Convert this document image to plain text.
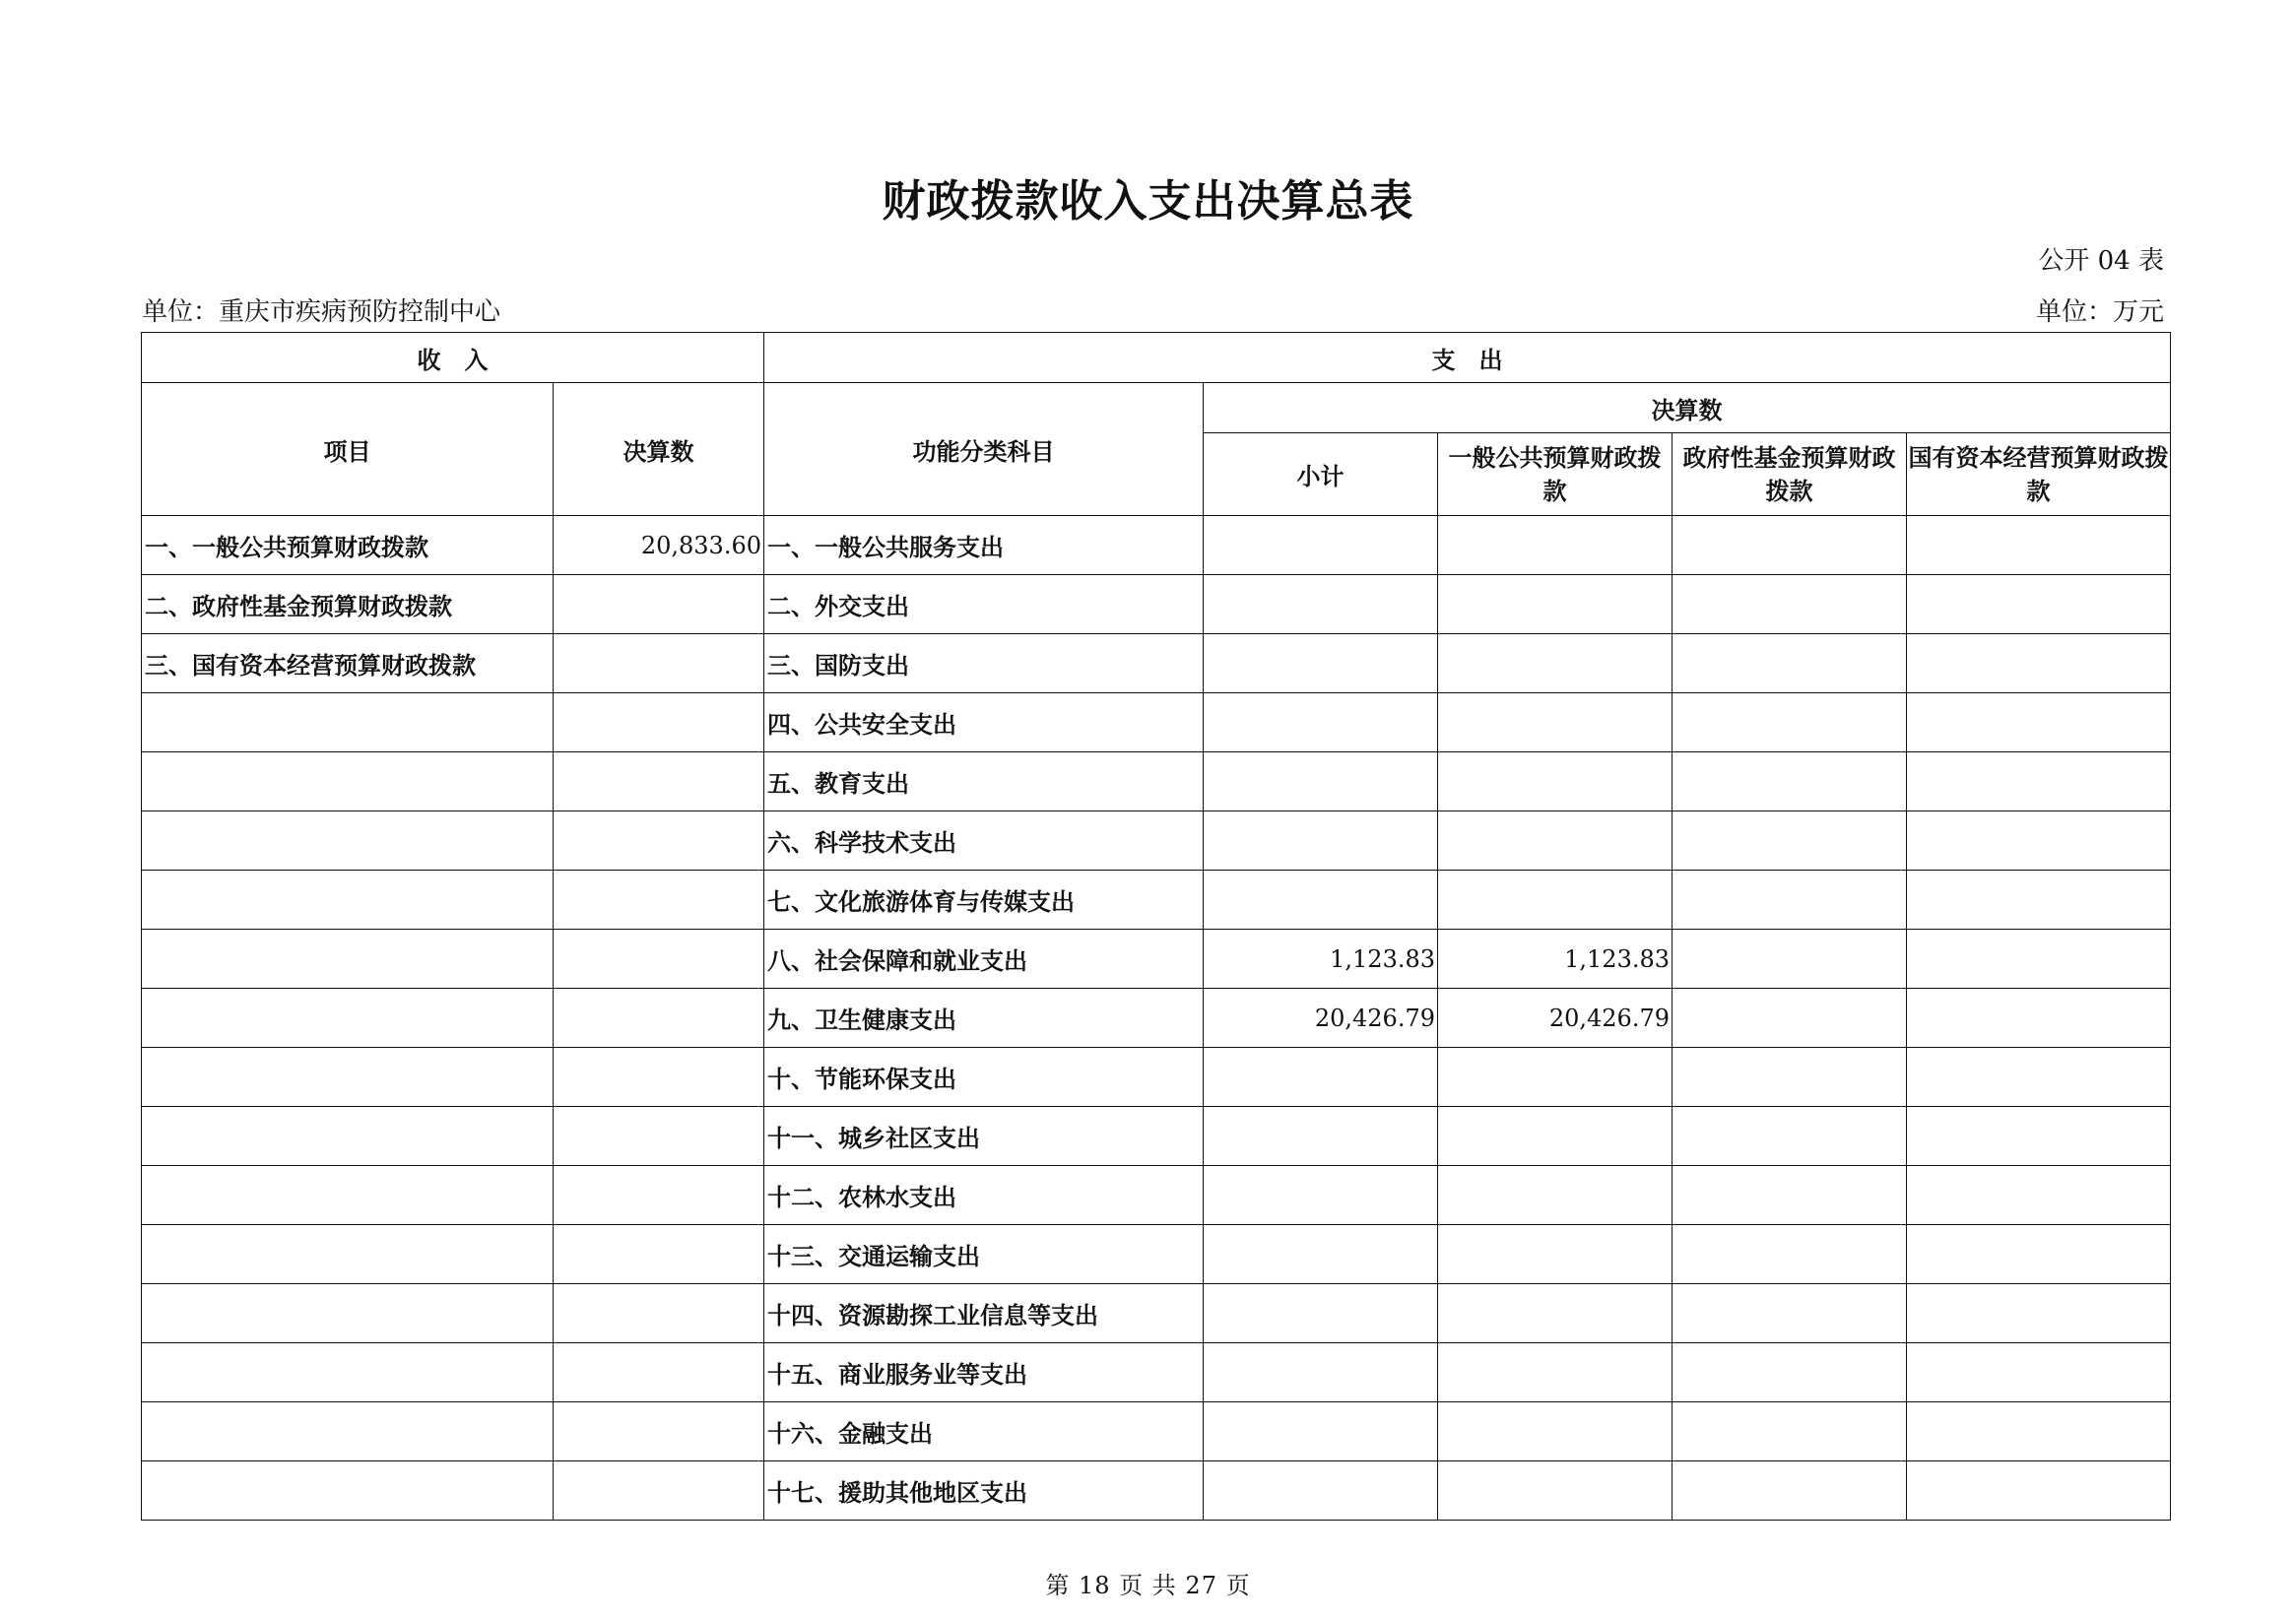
财政拨款收入支出决算总表
公开 04 表
单位：重庆市疾病预防控制中心	单位：万元
收　入		支　出				
项目	决算数	功能分类科目	决算数			
			小计	一般公共预算财政拨款	政府性基金预算财政拨款	国有资本经营预算财政拨款
一、一般公共预算财政拨款	20,833.60	一、一般公共服务支出				
二、政府性基金预算财政拨款		二、外交支出				
三、国有资本经营预算财政拨款		三、国防支出				
		四、公共安全支出				
		五、教育支出				
		六、科学技术支出				
		七、文化旅游体育与传媒支出				
		八、社会保障和就业支出	1,123.83	1,123.83		
		九、卫生健康支出	20,426.79	20,426.79		
		十、节能环保支出				
		十一、城乡社区支出				
		十二、农林水支出				
		十三、交通运输支出				
		十四、资源勘探工业信息等支出				
		十五、商业服务业等支出				
		十六、金融支出				
		十七、援助其他地区支出				
第 18 页 共 27 页
